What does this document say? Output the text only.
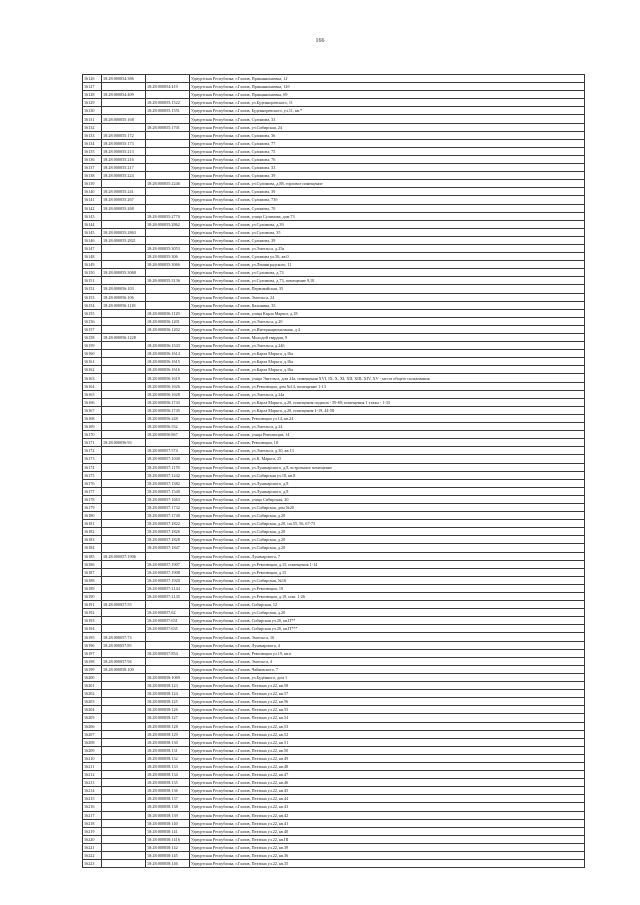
166
16126	18:28:000054:386		Удмуртская Республика, г.Глазов, Приканнонаевка, 12
16127		18:28:000054:419	Удмуртская Республика, г.Глазов, Приканнонаевка, 12б
16128	18:28:000054:409		Удмуртская Республика, г.Глазов, Приканнонаевка, 69
16129		18:28:000055:1522	Удмуртская Республика, г.Глазов, ул.Буденноревского, 11
16130		18:28:000055:1551	Удмуртская Республика, г.Глазов, Буденноревского, ул.11, кв.*
16131	18:28:000055:168		Удмуртская Республика, г.Глазов, Сулимова, 33
16132		18:28:000055:1701	Удмуртская Республика, г.Глазов, ул.Сибирская, 24
16133	18:28:000055:172		Удмуртская Республика, г.Глазов, Сулимова, 36
16134	18:28:000055:173		Удмуртская Республика, г.Глазов, Сулимова, 77
16135	18:28:000055:213		Удмуртская Республика, г.Глазов, Сулимова, 75
16136	18:28:000055:216		Удмуртская Республика, г.Глазов, Сулимова, 76
16137	18:28:000055:217		Удмуртская Республика, г.Глазов, Сулимова, 33
16138	18:28:000055:224		Удмуртская Республика, г.Глазов, Сулимова, 39
16139		18:28:000055:2246	Удмуртская Республика, г.Глазов, ул.Сулимова, д.88, торговое помещение
16140	18:28:000055:241		Удмуртская Республика, г.Глазов, Сулимова, 39
16141	18:28:000055:267		Удмуртская Республика, г.Глазов, Сулимова, 73б
16142	18:28:000055:268		Удмуртская Республика, г.Глазов, Сулимова, 70
16143		18:28:000055:2770	Удмуртская Республика, г.Глазов, улица Сулимова, дом 73
16144		18:28:000055:2862	Удмуртская Республика, г.Глазов, ул.Сулимова, д.39
16145	18:28:000055:2863		Удмуртская Республика, г.Глазов, ул.Сулимова, 35
16146	18:28:000055:2821		Удмуртская Республика, г.Глазов, Сулимова, 39
16147		18:28:000055:3053	Удмуртская Республика, г.Глазов, ул.Энгельса, д.25а
16148		18:28:000055:306	Удмуртская Республика, г.Глазов, Сулимова ул.56, кв.0
16149		18:28:000055:3066	Удмуртская Республика, г.Глазов, ул.Ленинградского, 11
16150	18:28:000055:3068		Удмуртская Республика, г.Глазов, ул.Сулимова, д.73
16151		18:28:000055:3136	Удмуртская Республика, г.Глазов, ул.Сулимова, д.73, помещение 9,10
16152	18:28:000056:103		Удмуртская Республика, г.Глазов, Первомайская, 35
16153	18:28:000056:106		Удмуртская Республика, г.Глазов, Энгельса, 24
16154	18:28:000056:1118		Удмуртская Республика, г.Глазов, Калинина, 35
16155		18:28:000056:1129	Удмуртская Республика, г.Глазов, улица Карла Маркса, д.18
16156		18:28:000056:1201	Удмуртская Республика, г.Глазов, ул.Энгельса, д.20
16157		18:28:000056:1202	Удмуртская Республика, г.Глазов, ул.Интернациональная, д.4
16158	18:28:000056:1228		Удмуртская Республика, г.Глазов, Молодой гвардии, 9
16159		18:28:000056:1543	Удмуртская Республика, г.Глазов, ул.Энгельса, д.24б
16160		18:28:000056:1614	Удмуртская Республика, г.Глазов, ул.Карла Маркса, д.16а
16161		18:28:000056:1615	Удмуртская Республика, г.Глазов, ул.Карла Маркса, д.16а
16162		18:28:000056:1616	Удмуртская Республика, г.Глазов, ул.Карла Маркса, д.16а
16163		18:28:000056:1619	Удмуртская Республика, г.Глазов, улица Энгельса, дом 24а, помещения XVI, IX, X, XI, XII, XIII, XIV, XV - места общего пользования
16164		18:28:000056:1626	Удмуртская Республика, г.Глазов, ул.Революции, дом №14, помещение 1-13
16165		18:28:000056:1628	Удмуртская Республика, г.Глазов, ул.Энгельса, д.24а
16166		18:28:000056:1743	Удмуртская Республика, г.Глазов, ул.Карла Маркса, д.20, помещения подвала - 59-69; помещения 1 этажа - 1-33
16167		18:28:000056:1745	Удмуртская Республика, г.Глазов, ул.Карла Маркса, д.20, помещения 1-19, 44-58
16168		18:28:000056:248	Удмуртская Республика, г.Глазов, Революции ул.14, кв.24
16169		18:28:000056:532	Удмуртская Республика, г.Глазов, ул.Энгельса, д.24
16170		18:28:000056:867	Удмуртская Республика, г.Глазов, улица Революции, 14
16171	18:28:000056:93		Удмуртская Республика, г.Глазов, Революции, 18
16172		18:28:000057:574	Удмуртская Республика, г.Глазов, ул.Энгельса, д.30, кв.13
16173		18:28:000057:1040	Удмуртская Республика, г.Глазов, ул.К. Маркса, 25
16174		18:28:000057:1178	Удмуртская Республика, г.Глазов, ул.Луначарского, д.8, встроенное помещение
16175		18:28:000057:1242	Удмуртская Республика, г.Глазов, ул.Сибирская ул.18, кв.8
16176		18:28:000057:1382	Удмуртская Республика, г.Глазов, ул.Луначарского, д.8
16177		18:28:000057:1540	Удмуртская Республика, г.Глазов, ул.Луначарского, д.8
16178		18:28:000057:1663	Удмуртская Республика, г.Глазов, улица Сибирская, 20
16179		18:28:000057:1732	Удмуртская Республика, г.Глазов, ул.Сибирская, дом №20
16180		18:28:000057:1740	Удмуртская Республика, г.Глазов, ул.Сибирская, д.20
16181		18:28:000057:1822	Удмуртская Республика, г.Глазов, ул.Сибирская, д.20, пп.55, 56, 67-73
16182		18:28:000057:1826	Удмуртская Республика, г.Глазов, ул.Сибирская, д.20
16183		18:28:000057:1828	Удмуртская Республика, г.Глазов, ул.Сибирская, д.20
16184		18:28:000057:1847	Удмуртская Республика, г.Глазов, ул.Сибирская, д.20
16185	18:28:000057:1906		Удмуртская Республика, г.Глазов, Луначарского, 7
16186		18:28:000057:1907	Удмуртская Республика, г.Глазов, ул.Революции, д.15, помещения 1-14
16187		18:28:000057:1908	Удмуртская Республика, г.Глазов, ул.Революции, д.15
16188		18:28:000057:1920	Удмуртская Республика, г.Глазов, ул.Сибирская, №16
16189		18:28:000057:2144	Удмуртская Республика, г.Глазов, ул.Революции, 19
16190		18:28:000057:2145	Удмуртская Республика, г.Глазов, ул.Революции, д.19, пом. 1-26
16191	18:28:000057:55		Удмуртская Республика, г.Глазов, Сибирская, 12
16192		18:28:000057:62	Удмуртская Республика, г.Глазов, ул.Сибирская, д.20
16193		18:28:000057:631	Удмуртская Республика, г.Глазов, Сибирская ул.20, кв.П**
16194		18:28:000057:635	Удмуртская Республика, г.Глазов, Сибирская ул.20, кв.П***
16195	18:28:000057:73		Удмуртская Республика, г.Глазов, Энгельса, 16
16196	18:28:000057:85		Удмуртская Республика, г.Глазов, Луначарского, 4
16197		18:28:000057:854	Удмуртская Республика, г.Глазов, Революции ул.19, кв.п
16198	18:28:000057:94		Удмуртская Республика, г.Глазов, Энгельса, 4
16199	18:28:000058:100		Удмуртская Республика, г.Глазов, Чайковского, 7
16200		18:28:000058:1069	Удмуртская Республика, г.Глазов, ул.Будённого, дом 1
16201		18:28:000058:123	Удмуртская Республика, г.Глазов, Пехтина ул.22, кв.58
16202		18:28:000058:124	Удмуртская Республика, г.Глазов, Пехтина ул.22, кв.57
16203		18:28:000058:125	Удмуртская Республика, г.Глазов, Пехтина ул.22, кв.56
16204		18:28:000058:126	Удмуртская Республика, г.Глазов, Пехтина ул.22, кв.55
16205		18:28:000058:127	Удмуртская Республика, г.Глазов, Пехтина ул.22, кв.54
16206		18:28:000058:128	Удмуртская Республика, г.Глазов, Пехтина ул.22, кв.53
16207		18:28:000058:129	Удмуртская Республика, г.Глазов, Пехтина ул.22, кв.52
16208		18:28:000058:130	Удмуртская Республика, г.Глазов, Пехтина ул.22, кв.51
16209		18:28:000058:131	Удмуртская Республика, г.Глазов, Пехтина ул.22, кв.50
16210		18:28:000058:132	Удмуртская Республика, г.Глазов, Пехтина ул.22, кв.49
16211		18:28:000058:133	Удмуртская Республика, г.Глазов, Пехтина ул.22, кв.48
16212		18:28:000058:134	Удмуртская Республика, г.Глазов, Пехтина ул.22, кв.47
16213		18:28:000058:135	Удмуртская Республика, г.Глазов, Пехтина ул.22, кв.46
16214		18:28:000058:136	Удмуртская Республика, г.Глазов, Пехтина ул.22, кв.45
16215		18:28:000058:137	Удмуртская Республика, г.Глазов, Пехтина ул.22, кв.44
16216		18:28:000058:138	Удмуртская Республика, г.Глазов, Пехтина ул.22, кв.43
16217		18:28:000058:139	Удмуртская Республика, г.Глазов, Пехтина ул.22, кв.42
16218		18:28:000058:140	Удмуртская Республика, г.Глазов, Пехтина ул.22, кв.41
16219		18:28:000058:141	Удмуртская Республика, г.Глазов, Пехтина ул.22, кв.40
16220		18:28:000058:1416	Удмуртская Республика, г.Глазов, Пехтина ул.22, кв.III
16221		18:28:000058:142	Удмуртская Республика, г.Глазов, Пехтина ул.22, кв.39
16222		18:28:000058:145	Удмуртская Республика, г.Глазов, Пехтина ул.22, кв.36
16223		18:28:000058:146	Удмуртская Республика, г.Глазов, Пехтина ул.22, кв.35
